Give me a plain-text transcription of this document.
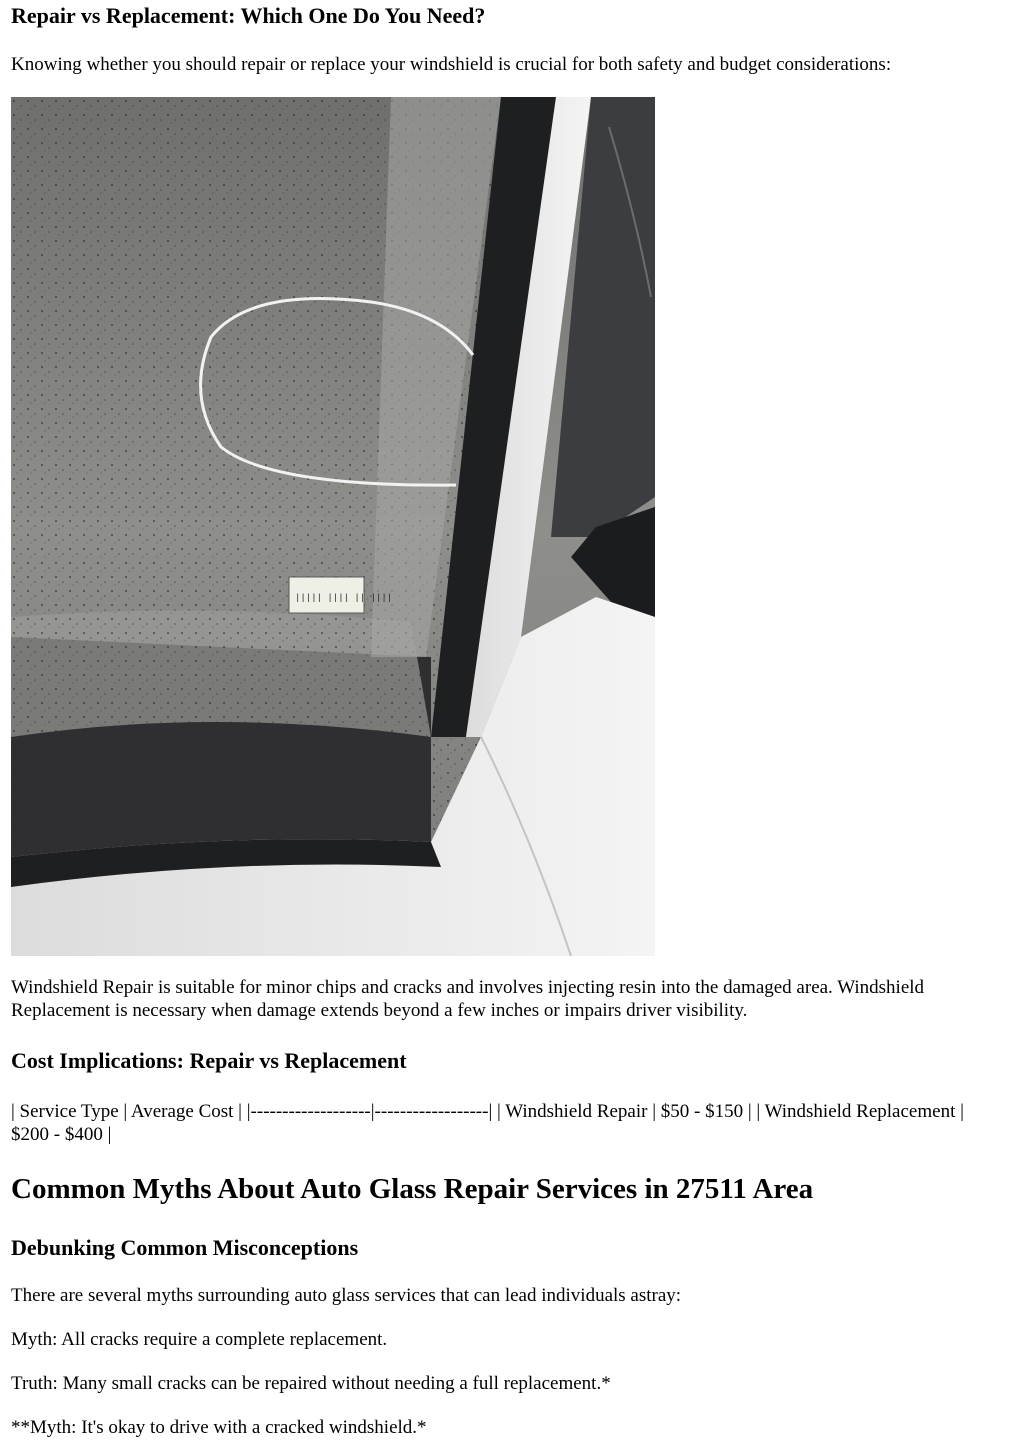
Repair vs Replacement: Which One Do You Need?

Knowing whether you should repair or replace your windshield is crucial for both safety and budget considerations:

||||| |||| || ||||

Windshield Repair is suitable for minor chips and cracks and involves injecting resin into the damaged area. Windshield Replacement is necessary when damage extends beyond a few inches or impairs driver visibility.

Cost Implications: Repair vs Replacement

| Service Type | Average Cost | |-------------------|------------------| | Windshield Repair | $50 - $150 | | Windshield Replacement | $200 - $400 |

Common Myths About Auto Glass Repair Services in 27511 Area
Debunking Common Misconceptions

There are several myths surrounding auto glass services that can lead individuals astray:

Myth: All cracks require a complete replacement.

Truth: Many small cracks can be repaired without needing a full replacement.*

**Myth: It's okay to drive with a cracked windshield.*
